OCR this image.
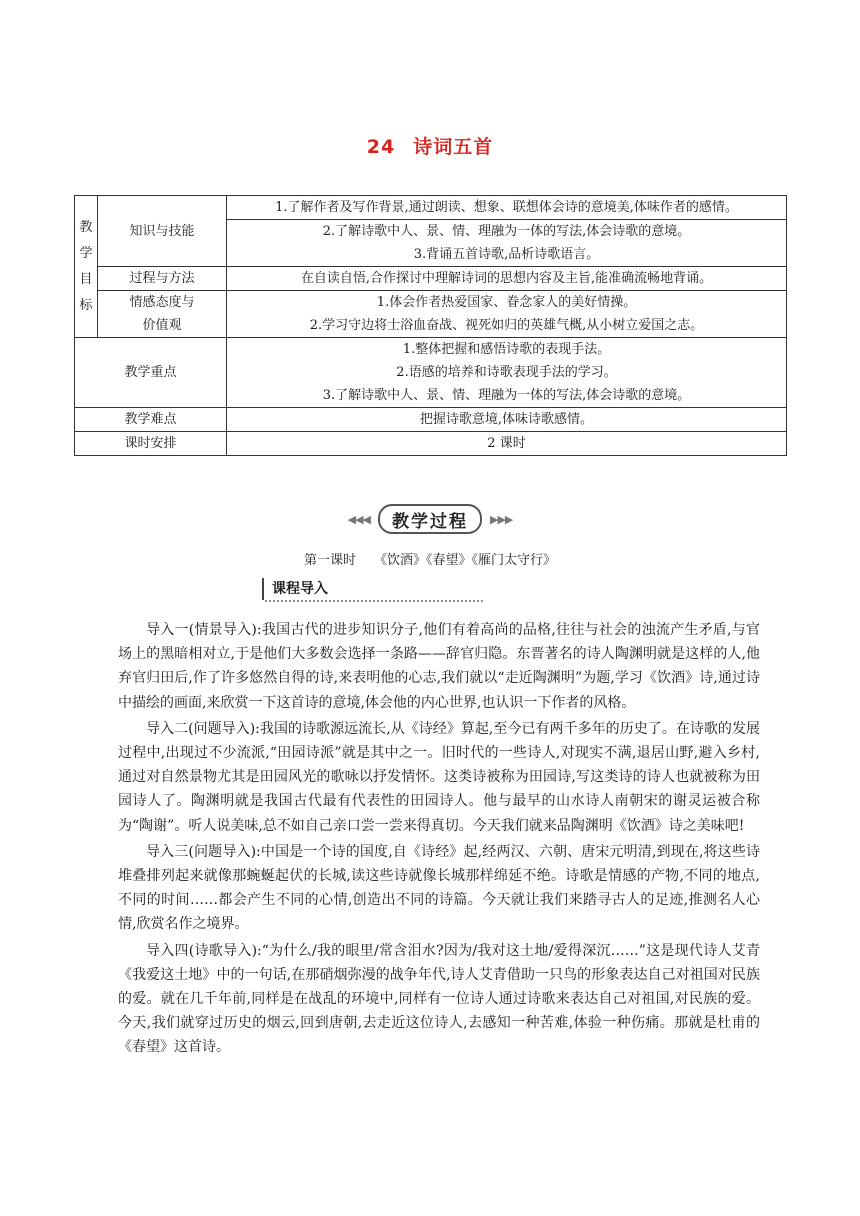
24 诗词五首
教
学
目
标	知识与技能	1.了解作者及写作背景,通过朗读、想象、联想体会诗的意境美,体味作者的感情。
		2.了解诗歌中人、景、情、理融为一体的写法,体会诗歌的意境。
		3.背诵五首诗歌,品析诗歌语言。
	过程与方法	在自读自悟,合作探讨中理解诗词的思想内容及主旨,能准确流畅地背诵。

	情感态度与
价值观	1.体会作者热爱国家、眷念家人的美好情操。
2.学习守边将士浴血奋战、视死如归的英雄气概,从小树立爱国之志。

教学重点		1.整体把握和感悟诗歌的表现手法。
2.语感的培养和诗歌表现手法的学习。
3.了解诗歌中人、景、情、理融为一体的写法,体会诗歌的意境。

教学难点		把握诗歌意境,体味诗歌感情。
课时安排		2 课时
◀◀◀ 教学过程 ▶▶▶
第一课时 《饮酒》《春望》《雁门太守行》
课程导入

导入一(情景导入):我国古代的进步知识分子,他们有着高尚的品格,往往与社会的浊流产生矛盾,与官场上的黑暗相对立,于是他们大多数会选择一条路——辞官归隐。东晋著名的诗人陶渊明就是这样的人,他弃官归田后,作了许多悠然自得的诗,来表明他的心志,我们就以“走近陶渊明”为题,学习《饮酒》诗,通过诗中描绘的画面,来欣赏一下这首诗的意境,体会他的内心世界,也认识一下作者的风格。

导入二(问题导入):我国的诗歌源远流长,从《诗经》算起,至今已有两千多年的历史了。在诗歌的发展过程中,出现过不少流派,“田园诗派”就是其中之一。旧时代的一些诗人,对现实不满,退居山野,避入乡村,通过对自然景物尤其是田园风光的歌咏以抒发情怀。这类诗被称为田园诗,写这类诗的诗人也就被称为田园诗人了。陶渊明就是我国古代最有代表性的田园诗人。他与最早的山水诗人南朝宋的谢灵运被合称为“陶谢”。听人说美味,总不如自己亲口尝一尝来得真切。今天我们就来品陶渊明《饮酒》诗之美味吧!

导入三(问题导入):中国是一个诗的国度,自《诗经》起,经两汉、六朝、唐宋元明清,到现在,将这些诗堆叠排列起来就像那蜿蜒起伏的长城,读这些诗就像长城那样绵延不绝。诗歌是情感的产物,不同的地点,不同的时间……都会产生不同的心情,创造出不同的诗篇。今天就让我们来踏寻古人的足迹,推测名人心情,欣赏名作之境界。

导入四(诗歌导入):“为什么/我的眼里/常含泪水?因为/我对这土地/爱得深沉……”这是现代诗人艾青《我爱这土地》中的一句话,在那硝烟弥漫的战争年代,诗人艾青借助一只鸟的形象表达自己对祖国对民族的爱。就在几千年前,同样是在战乱的环境中,同样有一位诗人通过诗歌来表达自己对祖国,对民族的爱。今天,我们就穿过历史的烟云,回到唐朝,去走近这位诗人,去感知一种苦难,体验一种伤痛。那就是杜甫的《春望》这首诗。
